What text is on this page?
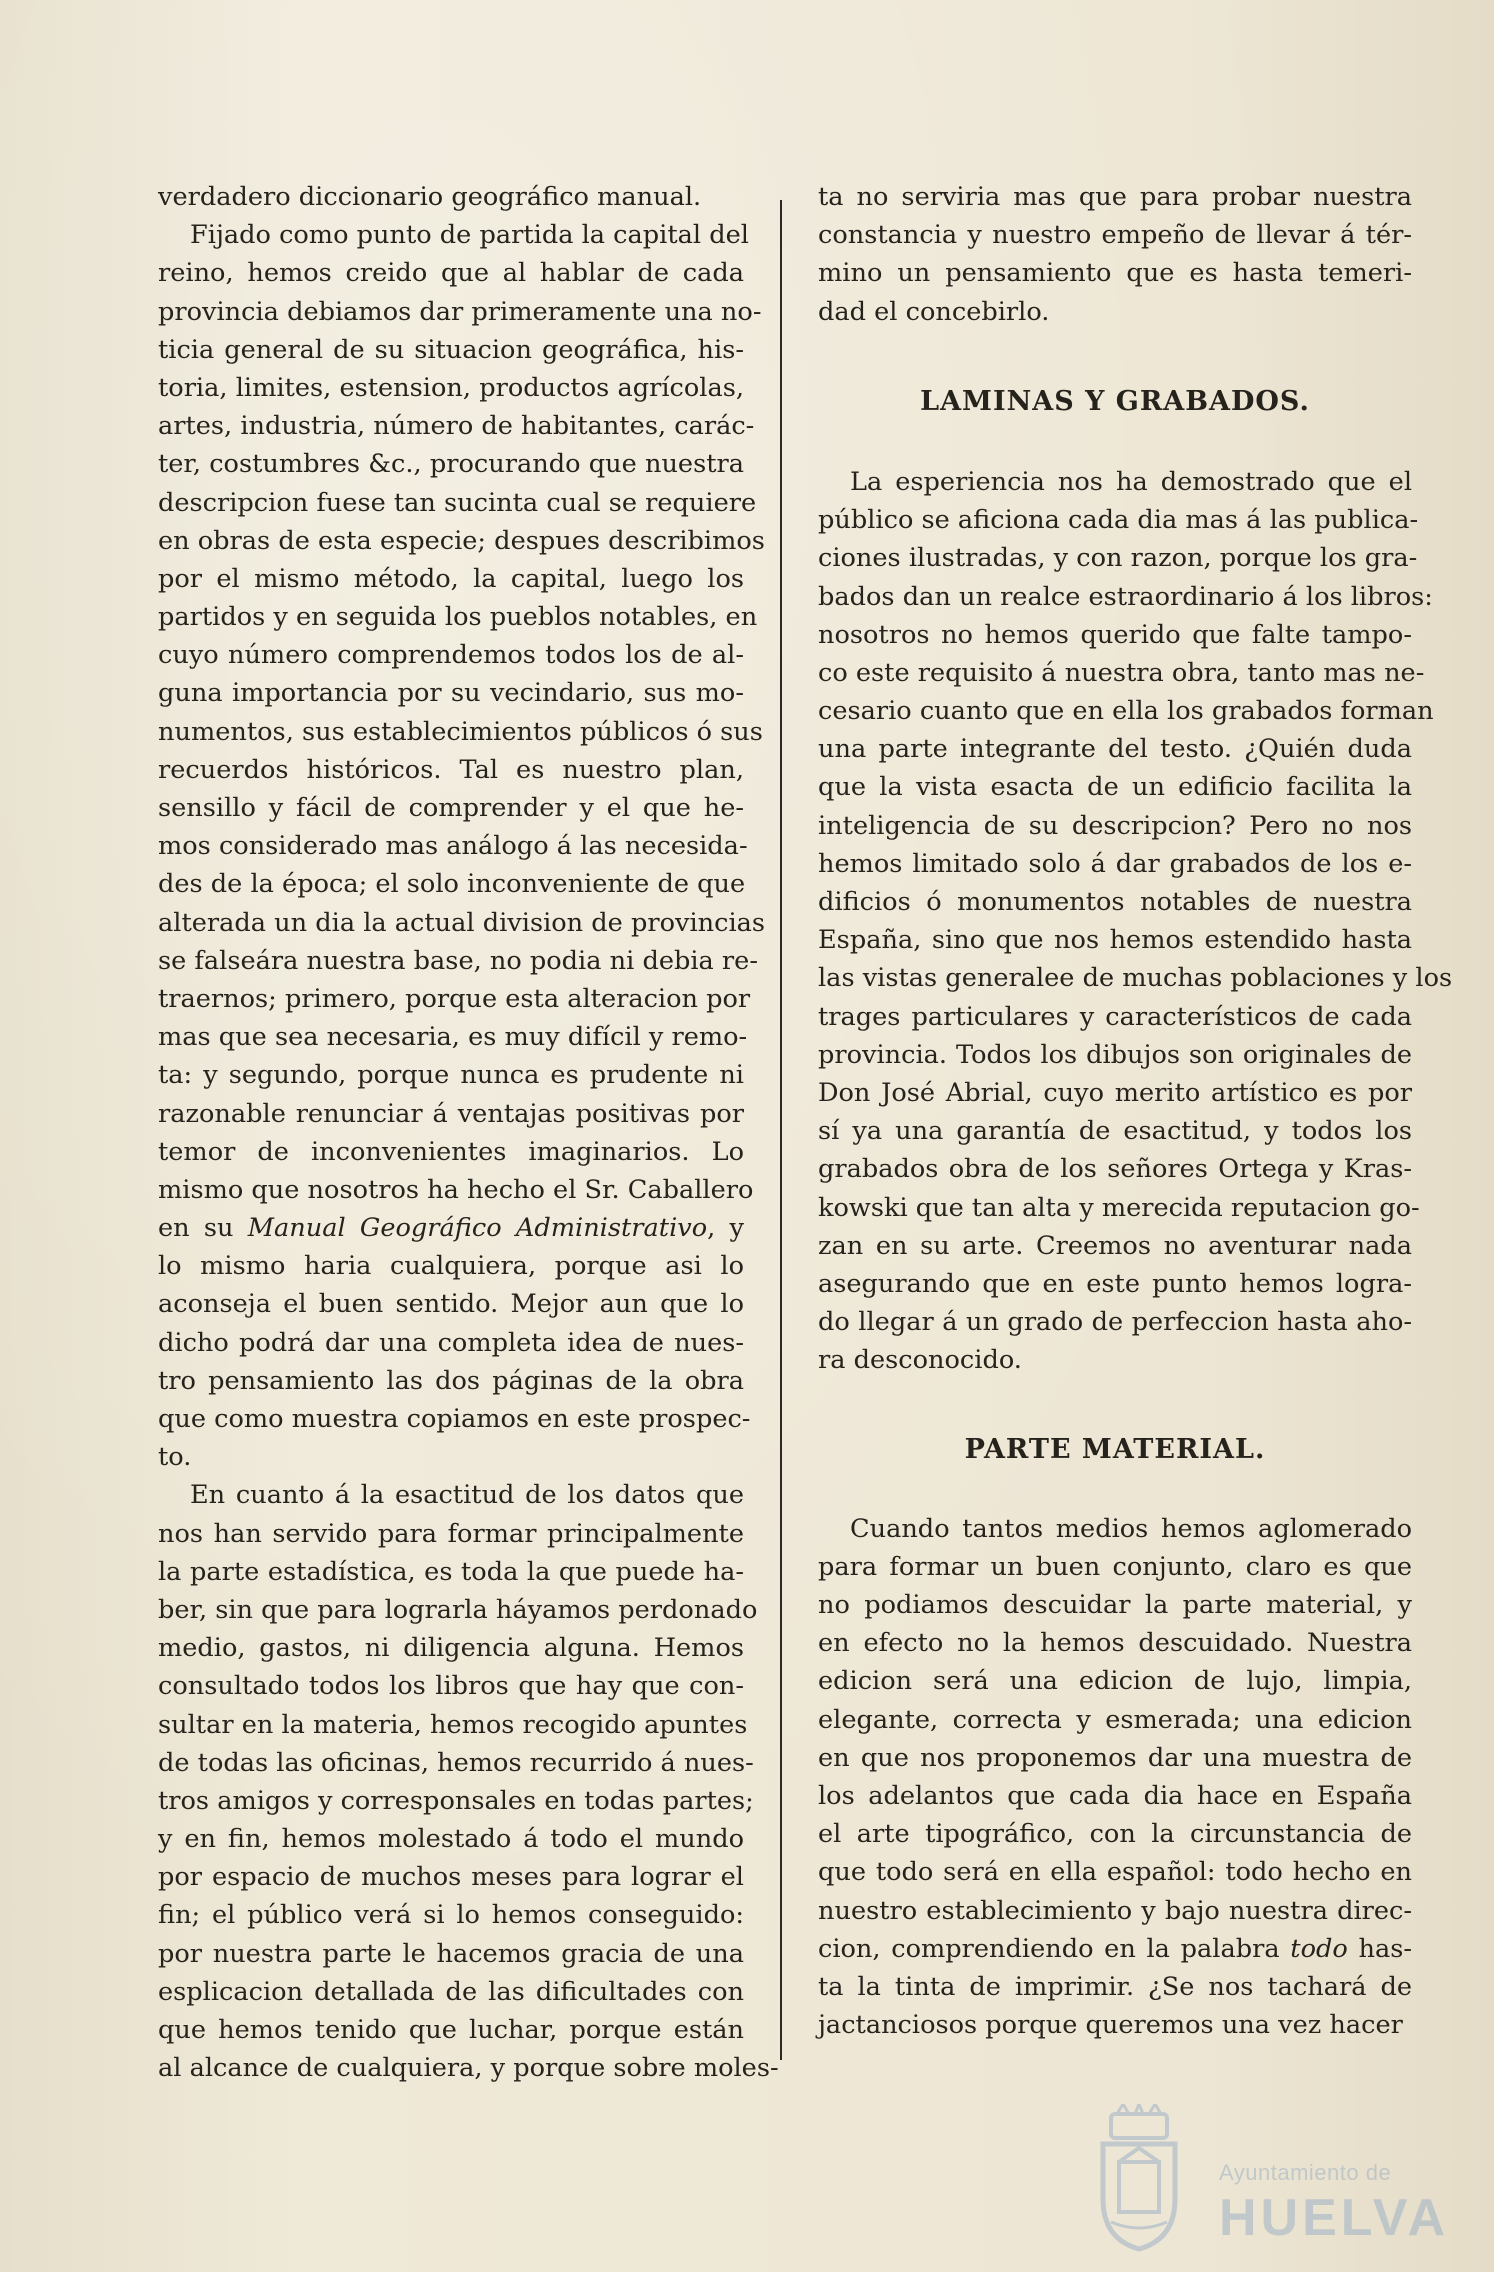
verdadero diccionario geográfico manual.
Fijado como punto de partida la capital del
reino, hemos creido que al hablar de cada
provincia debiamos dar primeramente una no-
ticia general de su situacion geográfica, his-
toria, limites, estension, productos agrícolas,
artes, industria, número de habitantes, carác-
ter, costumbres &c., procurando que nuestra
descripcion fuese tan sucinta cual se requiere
en obras de esta especie; despues describimos
por el mismo método, la capital, luego los
partidos y en seguida los pueblos notables, en
cuyo número comprendemos todos los de al-
guna importancia por su vecindario, sus mo-
numentos, sus establecimientos públicos ó sus
recuerdos históricos. Tal es nuestro plan,
sensillo y fácil de comprender y el que he-
mos considerado mas análogo á las necesida-
des de la época; el solo inconveniente de que
alterada un dia la actual division de provincias
se falseára nuestra base, no podia ni debia re-
traernos; primero, porque esta alteracion por
mas que sea necesaria, es muy difícil y remo-
ta: y segundo, porque nunca es prudente ni
razonable renunciar á ventajas positivas por
temor de inconvenientes imaginarios. Lo
mismo que nosotros ha hecho el Sr. Caballero
en su Manual Geográfico Administrativo, y
lo mismo haria cualquiera, porque asi lo
aconseja el buen sentido. Mejor aun que lo
dicho podrá dar una completa idea de nues-
tro pensamiento las dos páginas de la obra
que como muestra copiamos en este prospec-
to.
En cuanto á la esactitud de los datos que
nos han servido para formar principalmente
la parte estadística, es toda la que puede ha-
ber, sin que para lograrla háyamos perdonado
medio, gastos, ni diligencia alguna. Hemos
consultado todos los libros que hay que con-
sultar en la materia, hemos recogido apuntes
de todas las oficinas, hemos recurrido á nues-
tros amigos y corresponsales en todas partes;
y en fin, hemos molestado á todo el mundo
por espacio de muchos meses para lograr el
fin; el público verá si lo hemos conseguido:
por nuestra parte le hacemos gracia de una
esplicacion detallada de las dificultades con
que hemos tenido que luchar, porque están
al alcance de cualquiera, y porque sobre moles-
ta no serviria mas que para probar nuestra
constancia y nuestro empeño de llevar á tér-
mino un pensamiento que es hasta temeri-
dad el concebirlo.
LAMINAS Y GRABADOS.
La esperiencia nos ha demostrado que el
público se aficiona cada dia mas á las publica-
ciones ilustradas, y con razon, porque los gra-
bados dan un realce estraordinario á los libros:
nosotros no hemos querido que falte tampo-
co este requisito á nuestra obra, tanto mas ne-
cesario cuanto que en ella los grabados forman
una parte integrante del testo. ¿Quién duda
que la vista esacta de un edificio facilita la
inteligencia de su descripcion? Pero no nos
hemos limitado solo á dar grabados de los e-
dificios ó monumentos notables de nuestra
España, sino que nos hemos estendido hasta
las vistas generalee de muchas poblaciones y los
trages particulares y característicos de cada
provincia. Todos los dibujos son originales de
Don José Abrial, cuyo merito artístico es por
sí ya una garantía de esactitud, y todos los
grabados obra de los señores Ortega y Kras-
kowski que tan alta y merecida reputacion go-
zan en su arte. Creemos no aventurar nada
asegurando que en este punto hemos logra-
do llegar á un grado de perfeccion hasta aho-
ra desconocido.
PARTE MATERIAL.
Cuando tantos medios hemos aglomerado
para formar un buen conjunto, claro es que
no podiamos descuidar la parte material, y
en efecto no la hemos descuidado. Nuestra
edicion será una edicion de lujo, limpia,
elegante, correcta y esmerada; una edicion
en que nos proponemos dar una muestra de
los adelantos que cada dia hace en España
el arte tipográfico, con la circunstancia de
que todo será en ella español: todo hecho en
nuestro establecimiento y bajo nuestra direc-
cion, comprendiendo en la palabra todo has-
ta la tinta de imprimir. ¿Se nos tachará de
jactanciosos porque queremos una vez hacer
Ayuntamiento de
HUELVA
